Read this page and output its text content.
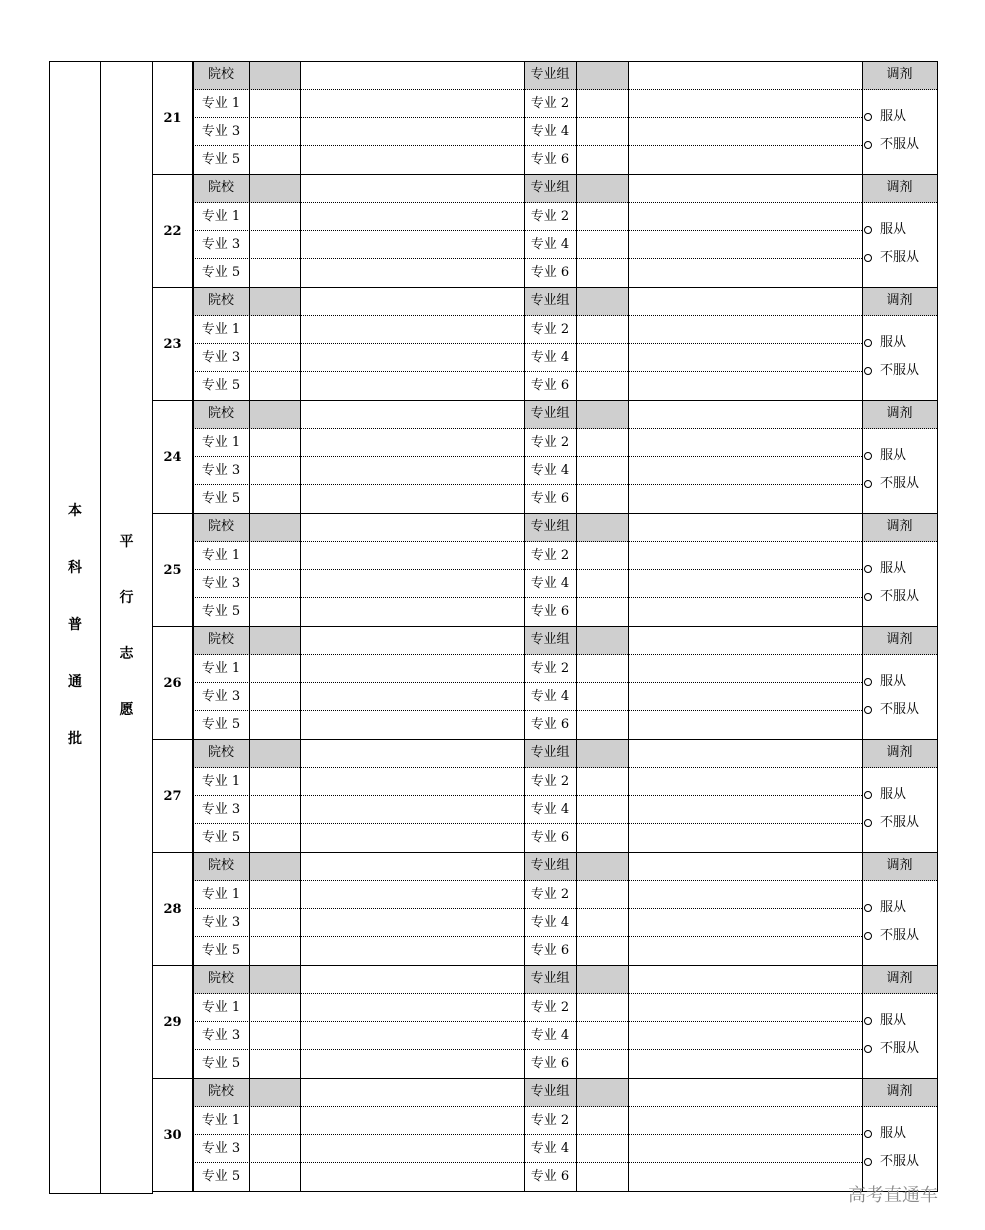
本
科
普
通
批
平
行
志
愿
21
院校	专业组	调剂
专业 1	专业 2
专业 3	专业 4
专业 5	专业 6
服从
不服从
22
院校	专业组	调剂
专业 1	专业 2
专业 3	专业 4
专业 5	专业 6
服从
不服从
23
院校	专业组	调剂
专业 1	专业 2
专业 3	专业 4
专业 5	专业 6
服从
不服从
24
院校	专业组	调剂
专业 1	专业 2
专业 3	专业 4
专业 5	专业 6
服从
不服从
25
院校	专业组	调剂
专业 1	专业 2
专业 3	专业 4
专业 5	专业 6
服从
不服从
26
院校	专业组	调剂
专业 1	专业 2
专业 3	专业 4
专业 5	专业 6
服从
不服从
27
院校	专业组	调剂
专业 1	专业 2
专业 3	专业 4
专业 5	专业 6
服从
不服从
28
院校	专业组	调剂
专业 1	专业 2
专业 3	专业 4
专业 5	专业 6
服从
不服从
29
院校	专业组	调剂
专业 1	专业 2
专业 3	专业 4
专业 5	专业 6
服从
不服从
30
院校	专业组	调剂
专业 1	专业 2
专业 3	专业 4
专业 5	专业 6
服从
不服从
高考直通车
